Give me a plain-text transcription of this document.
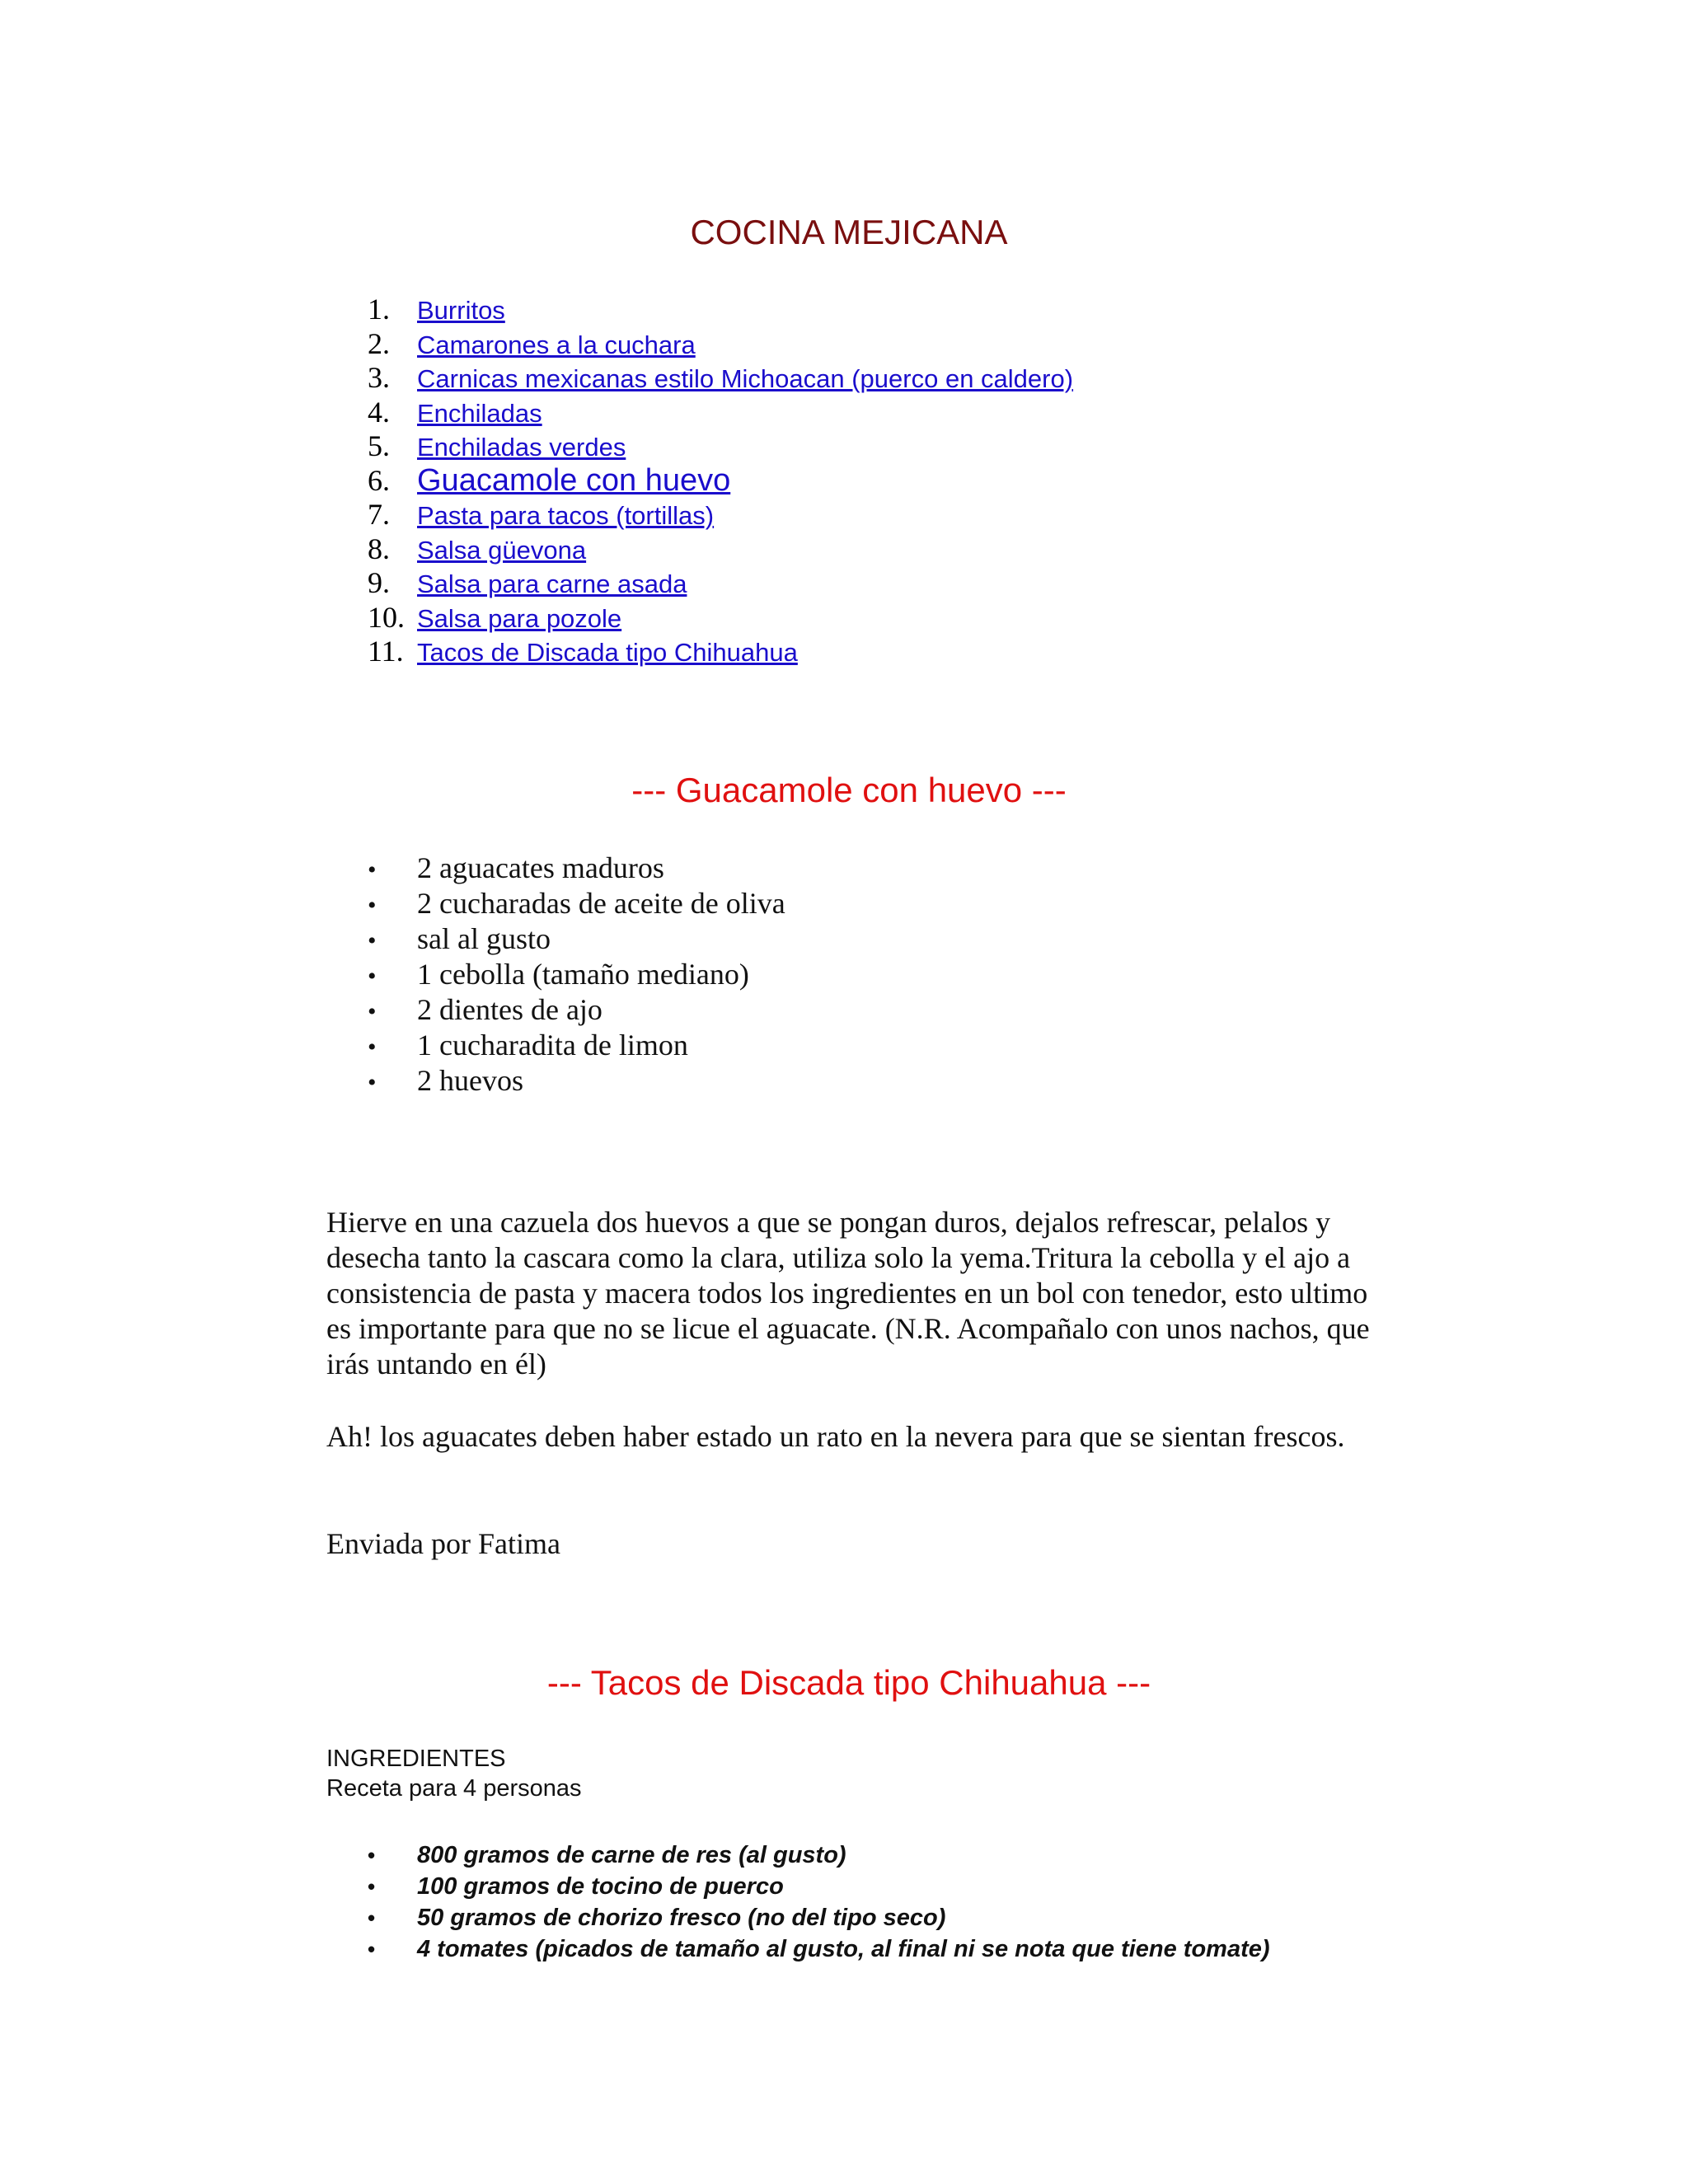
COCINA MEJICANA
1. Burritos
2. Camarones a la cuchara
3. Carnicas mexicanas estilo Michoacan (puerco en caldero)
4. Enchiladas
5. Enchiladas verdes
6. Guacamole con huevo
7. Pasta para tacos (tortillas)
8. Salsa güevona
9. Salsa para carne asada
10. Salsa para pozole
11. Tacos de Discada tipo Chihuahua
--- Guacamole con huevo ---
• 2 aguacates maduros
• 2 cucharadas de aceite de oliva
• sal al gusto
• 1 cebolla (tamaño mediano)
• 2 dientes de ajo
• 1 cucharadita de limon
• 2 huevos

Hierve en una cazuela dos huevos a que se pongan duros, dejalos refrescar, pelalos y desecha tanto la cascara como la clara, utiliza solo la yema.Tritura la cebolla y el ajo a consistencia de pasta y macera todos los ingredientes en un bol con tenedor, esto ultimo es importante para que no se licue el aguacate. (N.R. Acompañalo con unos nachos, que irás untando en él)

Ah! los aguacates deben haber estado un rato en la nevera para que se sientan frescos.

Enviada por Fatima

--- Tacos de Discada tipo Chihuahua ---

INGREDIENTES

Receta para 4 personas

• 800 gramos de carne de res (al gusto)
• 100 gramos de tocino de puerco
• 50 gramos de chorizo fresco (no del tipo seco)
• 4 tomates (picados de tamaño al gusto, al final ni se nota que tiene tomate)
